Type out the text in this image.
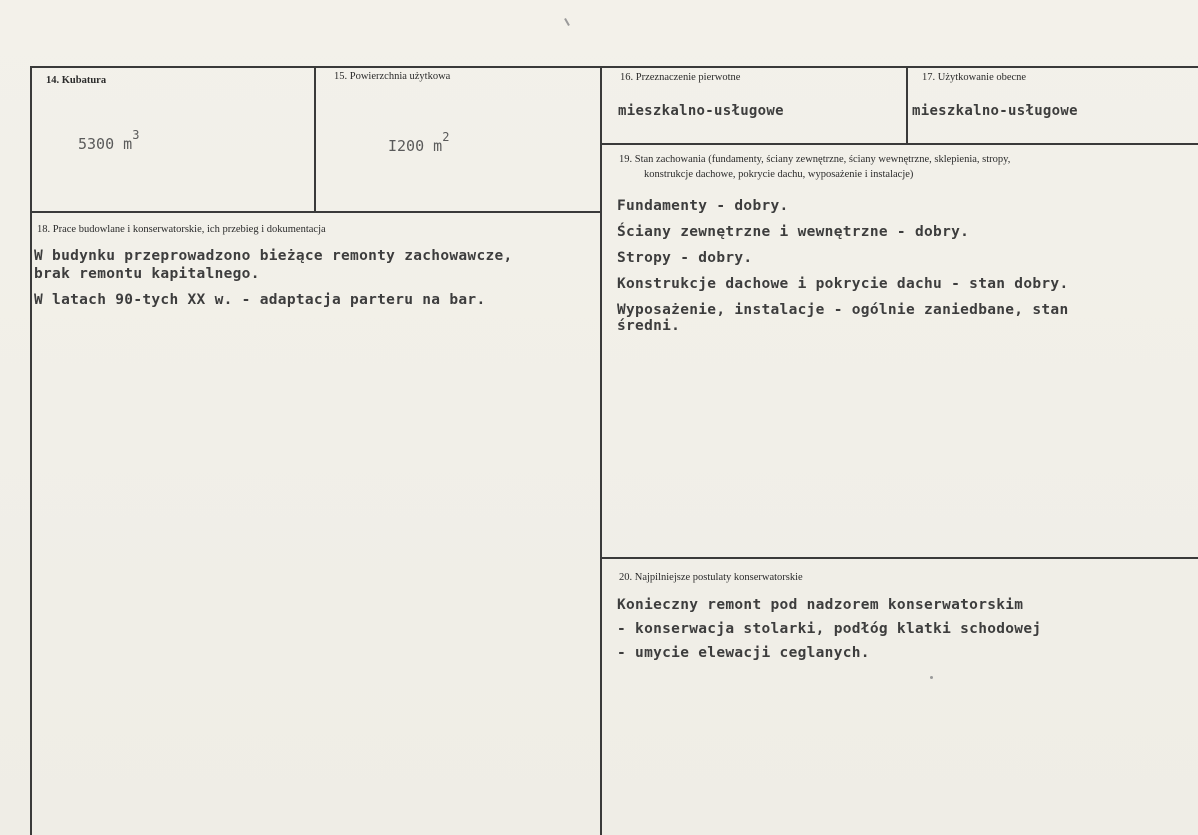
14. Kubatura
5300 $m^3$
15. Powierzchnia użytkowa
I200 $m^2$
16. Przeznaczenie pierwotne
mieszkalno-usługowe
17. Użytkowanie obecne
mieszkalno-usługowe
18. Prace budowlane i konserwatorskie, ich przebieg i dokumentacja
W budynku przeprowadzono bieżące remonty zachowawcze,
brak remontu kapitalnego.
W latach 90-tych XX w. - adaptacja parteru na bar.
19. Stan zachowania (fundamenty, ściany zewnętrzne, ściany wewnętrzne, sklepienia, stropy,
konstrukcje dachowe, pokrycie dachu, wyposażenie i instalacje)
Fundamenty - dobry.
Ściany zewnętrzne i wewnętrzne - dobry.
Stropy - dobry.
Konstrukcje dachowe i pokrycie dachu - stan dobry.
Wyposażenie, instalacje - ogólnie zaniedbane, stan
średni.
20. Najpilniejsze postulaty konserwatorskie
Konieczny remont pod nadzorem konserwatorskim
- konserwacja stolarki, podłóg klatki schodowej
- umycie elewacji ceglanych.
